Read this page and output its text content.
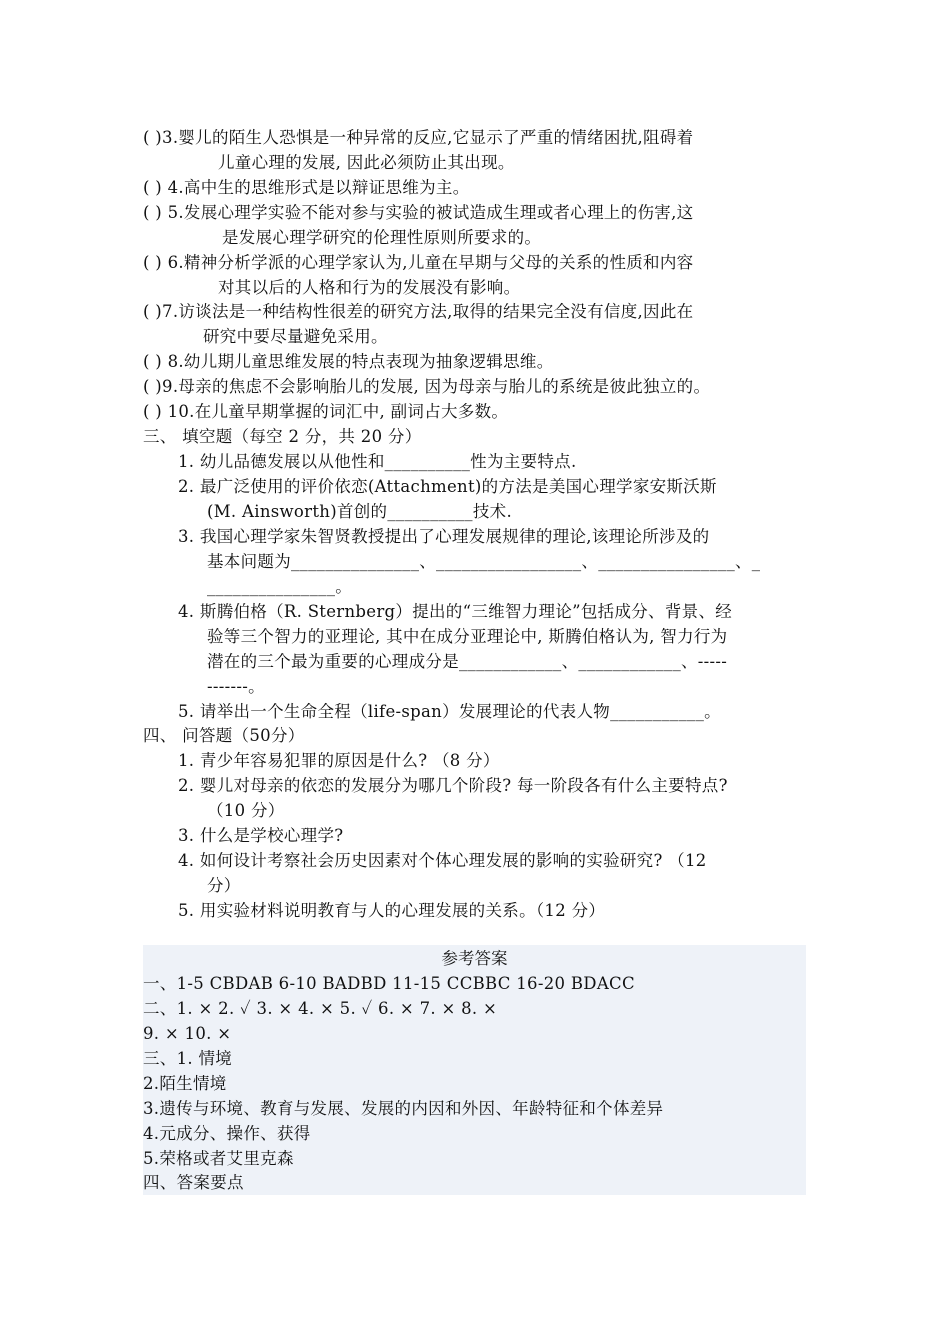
( )3.婴儿的陌生人恐惧是一种异常的反应,它显示了严重的情绪困扰,阻碍着
儿童心理的发展, 因此必须防止其出现。
( ) 4.高中生的思维形式是以辩证思维为主。
( ) 5.发展心理学实验不能对参与实验的被试造成生理或者心理上的伤害,这
是发展心理学研究的伦理性原则所要求的。
( ) 6.精神分析学派的心理学家认为,儿童在早期与父母的关系的性质和内容
对其以后的人格和行为的发展没有影响。
( )7.访谈法是一种结构性很差的研究方法,取得的结果完全没有信度,因此在
研究中要尽量避免采用。
( ) 8.幼儿期儿童思维发展的特点表现为抽象逻辑思维。
( )9.母亲的焦虑不会影响胎儿的发展, 因为母亲与胎儿的系统是彼此独立的。
( ) 10.在儿童早期掌握的词汇中, 副词占大多数。
三、 填空题（每空 2 分，共 20 分）
1. 幼儿品德发展以从他性和__________性为主要特点.
2. 最广泛使用的评价依恋(Attachment)的方法是美国心理学家安斯沃斯
(M. Ainsworth)首创的__________技术.
3. 我国心理学家朱智贤教授提出了心理发展规律的理论,该理论所涉及的
基本问题为_______________、_________________、________________、_
_______________。
4. 斯腾伯格（R. Sternberg）提出的“三维智力理论”包括成分、背景、经
验等三个智力的亚理论, 其中在成分亚理论中, 斯腾伯格认为, 智力行为
潜在的三个最为重要的心理成分是____________、____________、-----
-------。
5. 请举出一个生命全程（life-span）发展理论的代表人物___________。
四、 问答题（50分）
1. 青少年容易犯罪的原因是什么? （8 分）
2. 婴儿对母亲的依恋的发展分为哪几个阶段? 每一阶段各有什么主要特点?
（10 分）
3. 什么是学校心理学?
4. 如何设计考察社会历史因素对个体心理发展的影响的实验研究? （12
分）
5. 用实验材料说明教育与人的心理发展的关系。（12 分）
参考答案
一、1-5 CBDAB 6-10 BADBD 11-15 CCBBC 16-20 BDACC
二、1. × 2. ✓ 3. × 4. × 5. ✓ 6. × 7. × 8. ×
9. × 10. ×
三、1. 情境
2.陌生情境
3.遗传与环境、教育与发展、发展的内因和外因、年龄特征和个体差异
4.元成分、操作、获得
5.荣格或者艾里克森
四、答案要点
